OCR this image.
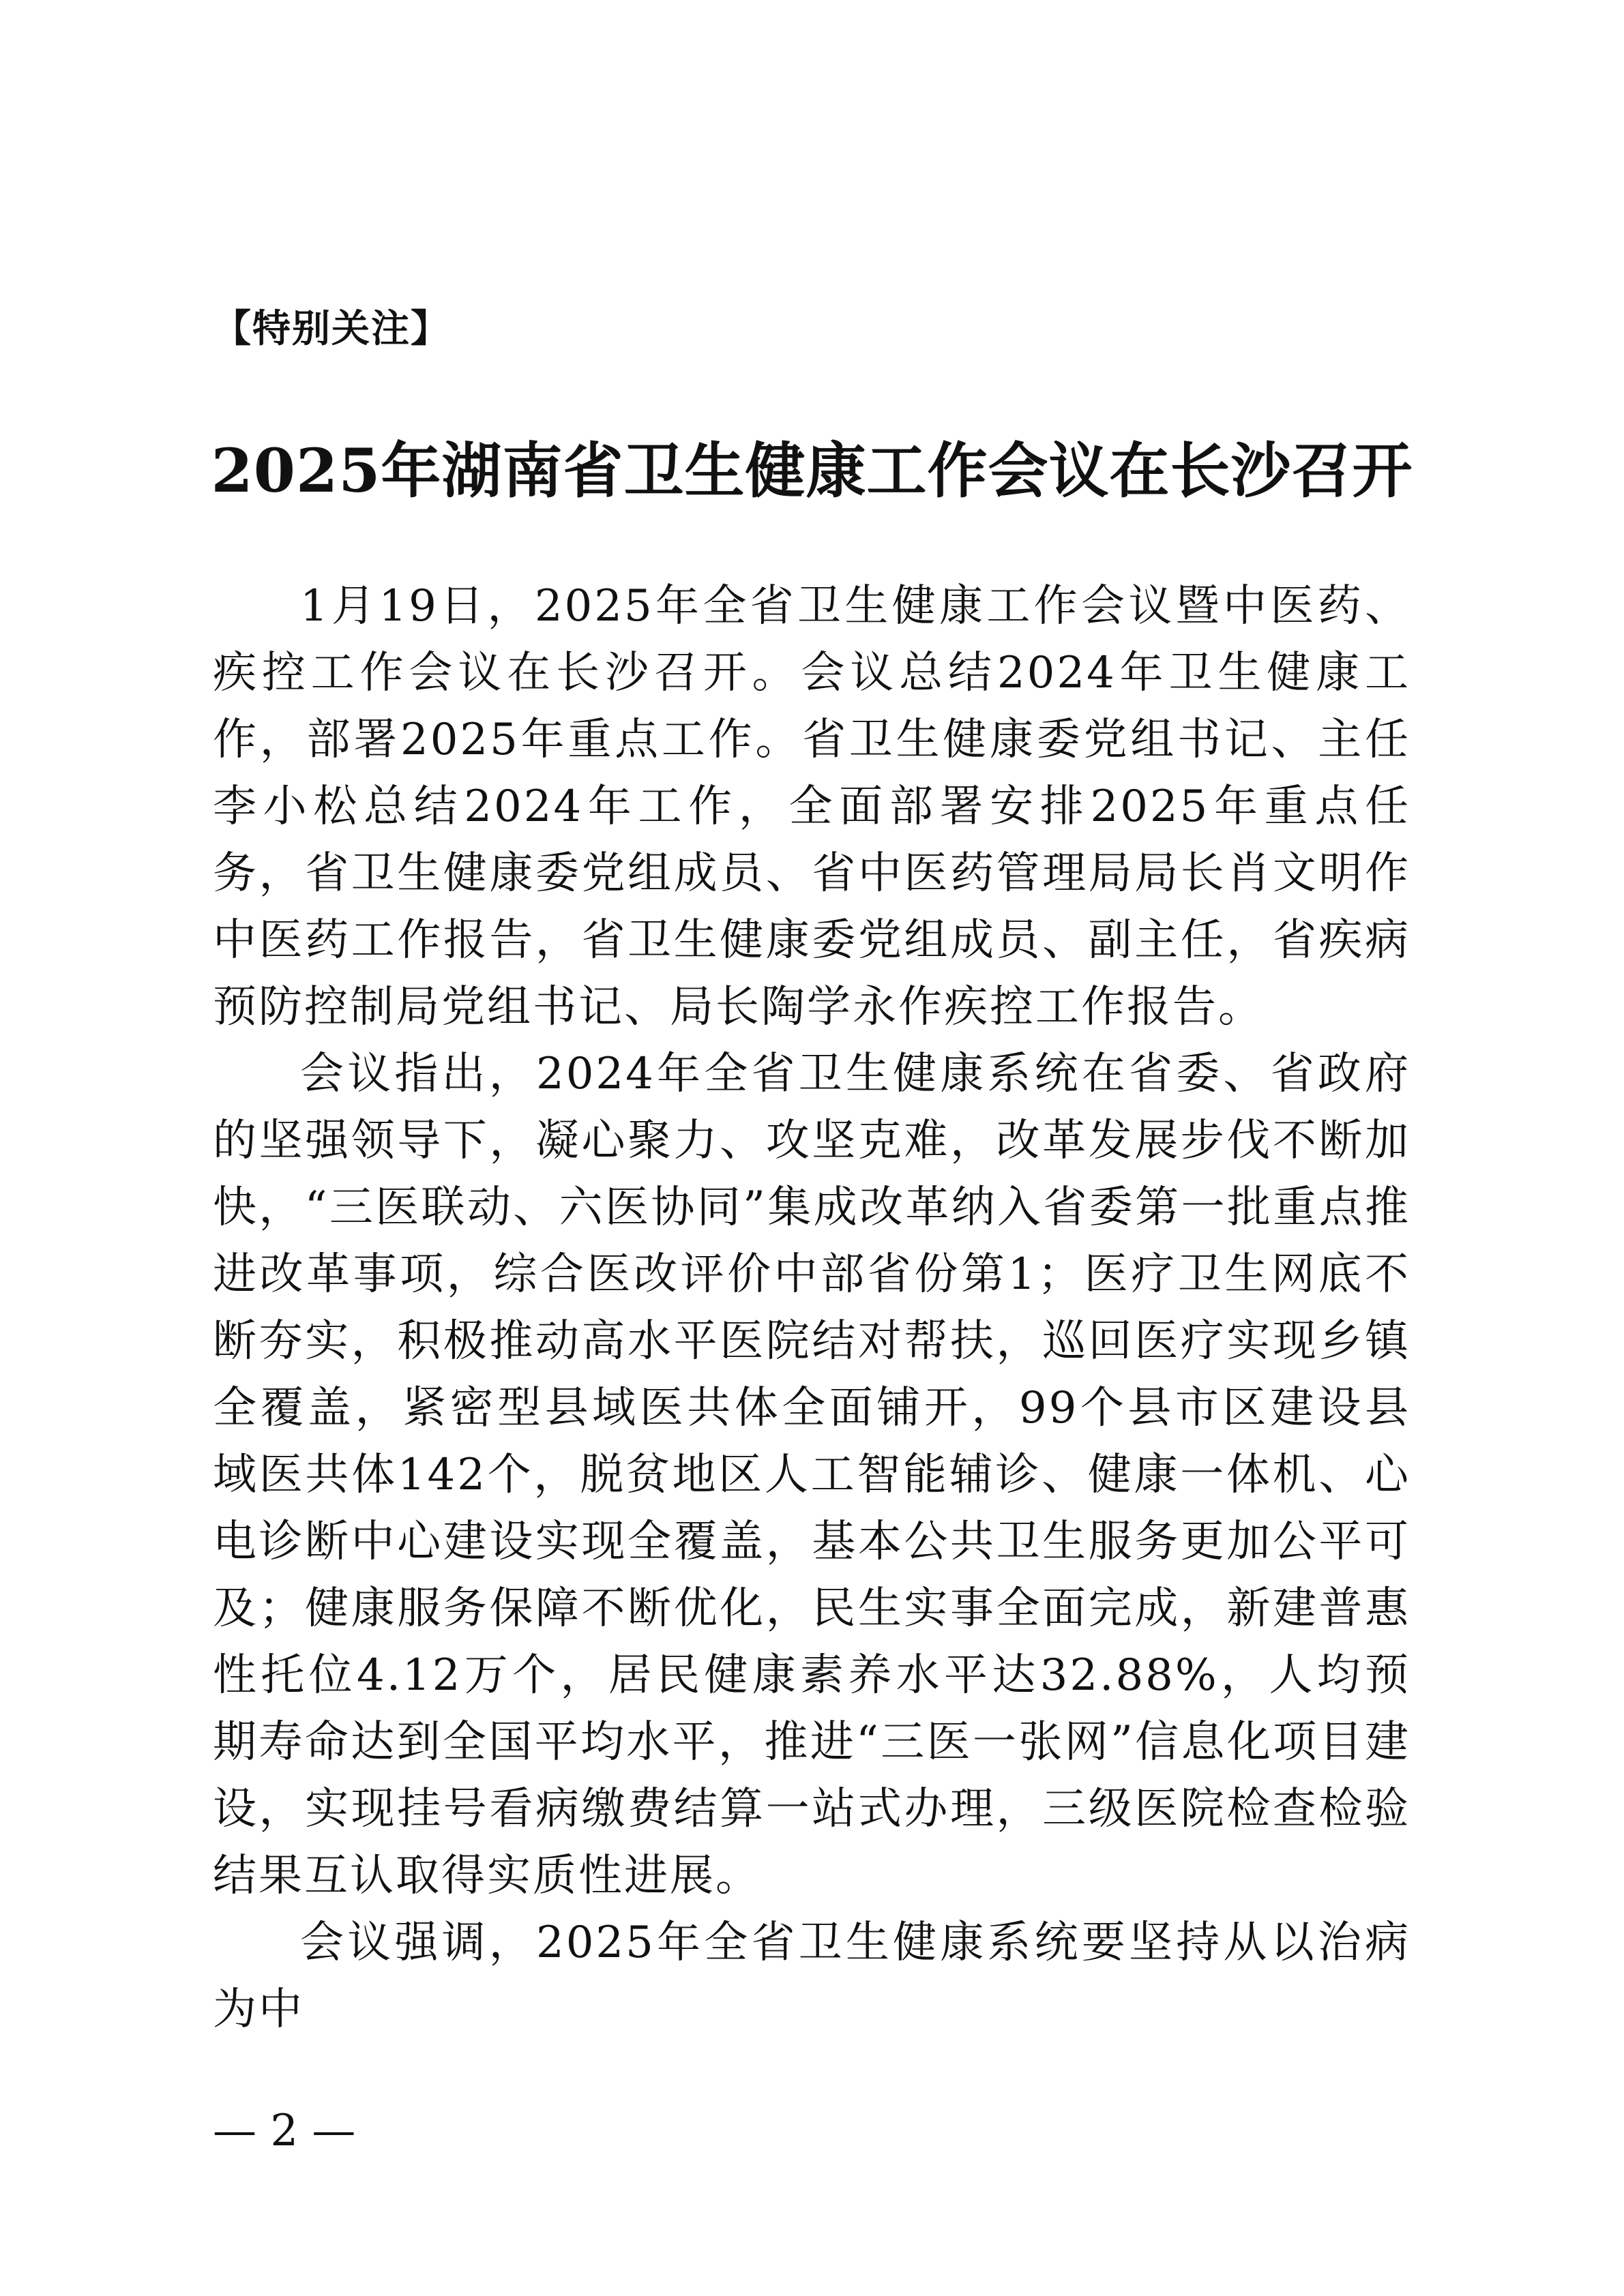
【特别关注】
2025年湖南省卫生健康工作会议在长沙召开

1月19日，2025年全省卫生健康工作会议暨中医药、疾控工作会议在长沙召开。会议总结2024年卫生健康工作，部署2025年重点工作。省卫生健康委党组书记、主任李小松总结2024年工作，全面部署安排2025年重点任务，省卫生健康委党组成员、省中医药管理局局长肖文明作中医药工作报告，省卫生健康委党组成员、副主任，省疾病预防控制局党组书记、局长陶学永作疾控工作报告。

会议指出，2024年全省卫生健康系统在省委、省政府的坚强领导下，凝心聚力、攻坚克难，改革发展步伐不断加快，“三医联动、六医协同”集成改革纳入省委第一批重点推进改革事项，综合医改评价中部省份第1；医疗卫生网底不断夯实，积极推动高水平医院结对帮扶，巡回医疗实现乡镇全覆盖，紧密型县域医共体全面铺开，99个县市区建设县域医共体142个，脱贫地区人工智能辅诊、健康一体机、心电诊断中心建设实现全覆盖，基本公共卫生服务更加公平可及；健康服务保障不断优化，民生实事全面完成，新建普惠性托位4.12万个，居民健康素养水平达32.88%，人均预期寿命达到全国平均水平，推进“三医一张网”信息化项目建设，实现挂号看病缴费结算一站式办理，三级医院检查检验结果互认取得实质性进展。

会议强调，2025年全省卫生健康系统要坚持从以治病为中

— 2 —
